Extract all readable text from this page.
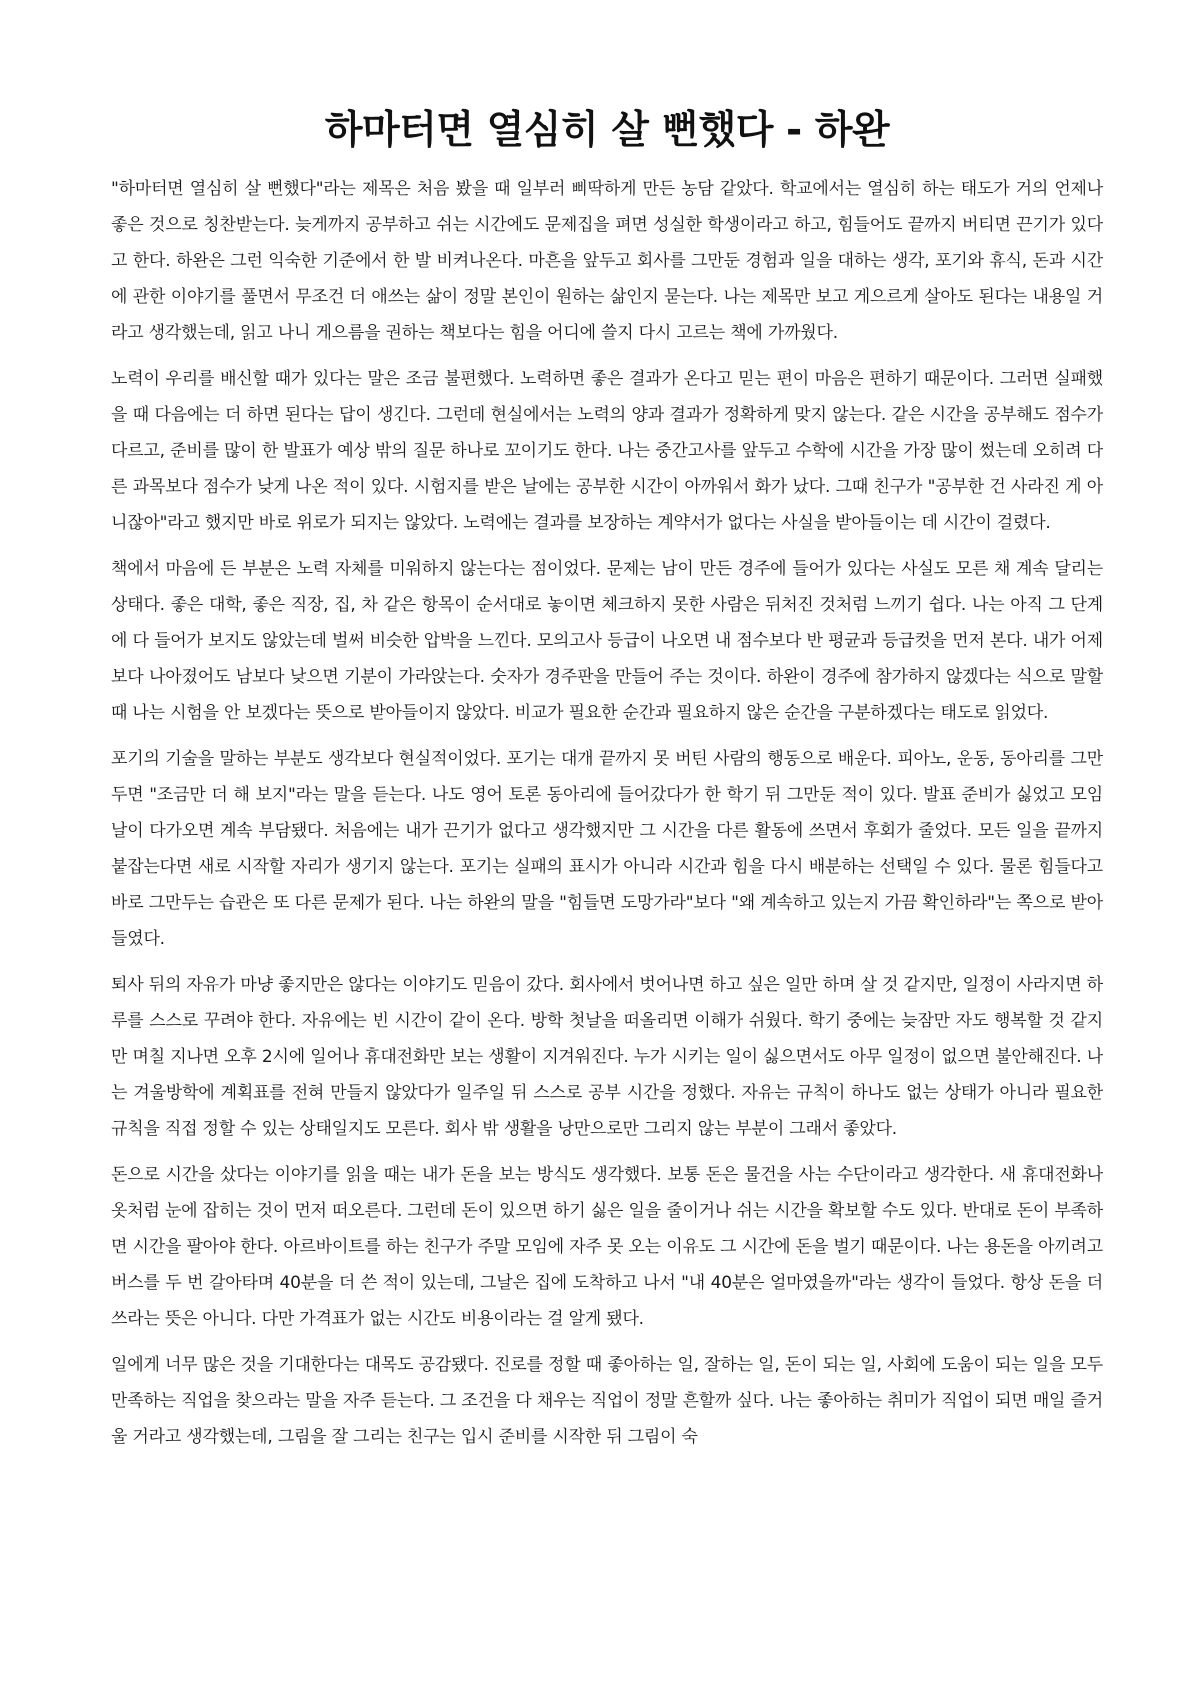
하마터면 열심히 살 뻔했다 - 하완

"하마터면 열심히 살 뻔했다"라는 제목은 처음 봤을 때 일부러 삐딱하게 만든 농담 같았다. 학교에서는 열심히 하는 태도가 거의 언제나 좋은 것으로 칭찬받는다. 늦게까지 공부하고 쉬는 시간에도 문제집을 펴면 성실한 학생이라고 하고, 힘들어도 끝까지 버티면 끈기가 있다고 한다. 하완은 그런 익숙한 기준에서 한 발 비켜나온다. 마흔을 앞두고 회사를 그만둔 경험과 일을 대하는 생각, 포기와 휴식, 돈과 시간에 관한 이야기를 풀면서 무조건 더 애쓰는 삶이 정말 본인이 원하는 삶인지 묻는다. 나는 제목만 보고 게으르게 살아도 된다는 내용일 거라고 생각했는데, 읽고 나니 게으름을 권하는 책보다는 힘을 어디에 쓸지 다시 고르는 책에 가까웠다.

노력이 우리를 배신할 때가 있다는 말은 조금 불편했다. 노력하면 좋은 결과가 온다고 믿는 편이 마음은 편하기 때문이다. 그러면 실패했을 때 다음에는 더 하면 된다는 답이 생긴다. 그런데 현실에서는 노력의 양과 결과가 정확하게 맞지 않는다. 같은 시간을 공부해도 점수가 다르고, 준비를 많이 한 발표가 예상 밖의 질문 하나로 꼬이기도 한다. 나는 중간고사를 앞두고 수학에 시간을 가장 많이 썼는데 오히려 다른 과목보다 점수가 낮게 나온 적이 있다. 시험지를 받은 날에는 공부한 시간이 아까워서 화가 났다. 그때 친구가 "공부한 건 사라진 게 아니잖아"라고 했지만 바로 위로가 되지는 않았다. 노력에는 결과를 보장하는 계약서가 없다는 사실을 받아들이는 데 시간이 걸렸다.

책에서 마음에 든 부분은 노력 자체를 미워하지 않는다는 점이었다. 문제는 남이 만든 경주에 들어가 있다는 사실도 모른 채 계속 달리는 상태다. 좋은 대학, 좋은 직장, 집, 차 같은 항목이 순서대로 놓이면 체크하지 못한 사람은 뒤처진 것처럼 느끼기 쉽다. 나는 아직 그 단계에 다 들어가 보지도 않았는데 벌써 비슷한 압박을 느낀다. 모의고사 등급이 나오면 내 점수보다 반 평균과 등급컷을 먼저 본다. 내가 어제보다 나아졌어도 남보다 낮으면 기분이 가라앉는다. 숫자가 경주판을 만들어 주는 것이다. 하완이 경주에 참가하지 않겠다는 식으로 말할 때 나는 시험을 안 보겠다는 뜻으로 받아들이지 않았다. 비교가 필요한 순간과 필요하지 않은 순간을 구분하겠다는 태도로 읽었다.

포기의 기술을 말하는 부분도 생각보다 현실적이었다. 포기는 대개 끝까지 못 버틴 사람의 행동으로 배운다. 피아노, 운동, 동아리를 그만두면 "조금만 더 해 보지"라는 말을 듣는다. 나도 영어 토론 동아리에 들어갔다가 한 학기 뒤 그만둔 적이 있다. 발표 준비가 싫었고 모임 날이 다가오면 계속 부담됐다. 처음에는 내가 끈기가 없다고 생각했지만 그 시간을 다른 활동에 쓰면서 후회가 줄었다. 모든 일을 끝까지 붙잡는다면 새로 시작할 자리가 생기지 않는다. 포기는 실패의 표시가 아니라 시간과 힘을 다시 배분하는 선택일 수 있다. 물론 힘들다고 바로 그만두는 습관은 또 다른 문제가 된다. 나는 하완의 말을 "힘들면 도망가라"보다 "왜 계속하고 있는지 가끔 확인하라"는 쪽으로 받아들였다.

퇴사 뒤의 자유가 마냥 좋지만은 않다는 이야기도 믿음이 갔다. 회사에서 벗어나면 하고 싶은 일만 하며 살 것 같지만, 일정이 사라지면 하루를 스스로 꾸려야 한다. 자유에는 빈 시간이 같이 온다. 방학 첫날을 떠올리면 이해가 쉬웠다. 학기 중에는 늦잠만 자도 행복할 것 같지만 며칠 지나면 오후 2시에 일어나 휴대전화만 보는 생활이 지겨워진다. 누가 시키는 일이 싫으면서도 아무 일정이 없으면 불안해진다. 나는 겨울방학에 계획표를 전혀 만들지 않았다가 일주일 뒤 스스로 공부 시간을 정했다. 자유는 규칙이 하나도 없는 상태가 아니라 필요한 규칙을 직접 정할 수 있는 상태일지도 모른다. 회사 밖 생활을 낭만으로만 그리지 않는 부분이 그래서 좋았다.

돈으로 시간을 샀다는 이야기를 읽을 때는 내가 돈을 보는 방식도 생각했다. 보통 돈은 물건을 사는 수단이라고 생각한다. 새 휴대전화나 옷처럼 눈에 잡히는 것이 먼저 떠오른다. 그런데 돈이 있으면 하기 싫은 일을 줄이거나 쉬는 시간을 확보할 수도 있다. 반대로 돈이 부족하면 시간을 팔아야 한다. 아르바이트를 하는 친구가 주말 모임에 자주 못 오는 이유도 그 시간에 돈을 벌기 때문이다. 나는 용돈을 아끼려고 버스를 두 번 갈아타며 40분을 더 쓴 적이 있는데, 그날은 집에 도착하고 나서 "내 40분은 얼마였을까"라는 생각이 들었다. 항상 돈을 더 쓰라는 뜻은 아니다. 다만 가격표가 없는 시간도 비용이라는 걸 알게 됐다.

일에게 너무 많은 것을 기대한다는 대목도 공감됐다. 진로를 정할 때 좋아하는 일, 잘하는 일, 돈이 되는 일, 사회에 도움이 되는 일을 모두 만족하는 직업을 찾으라는 말을 자주 듣는다. 그 조건을 다 채우는 직업이 정말 흔할까 싶다. 나는 좋아하는 취미가 직업이 되면 매일 즐거울 거라고 생각했는데, 그림을 잘 그리는 친구는 입시 준비를 시작한 뒤 그림이 숙
